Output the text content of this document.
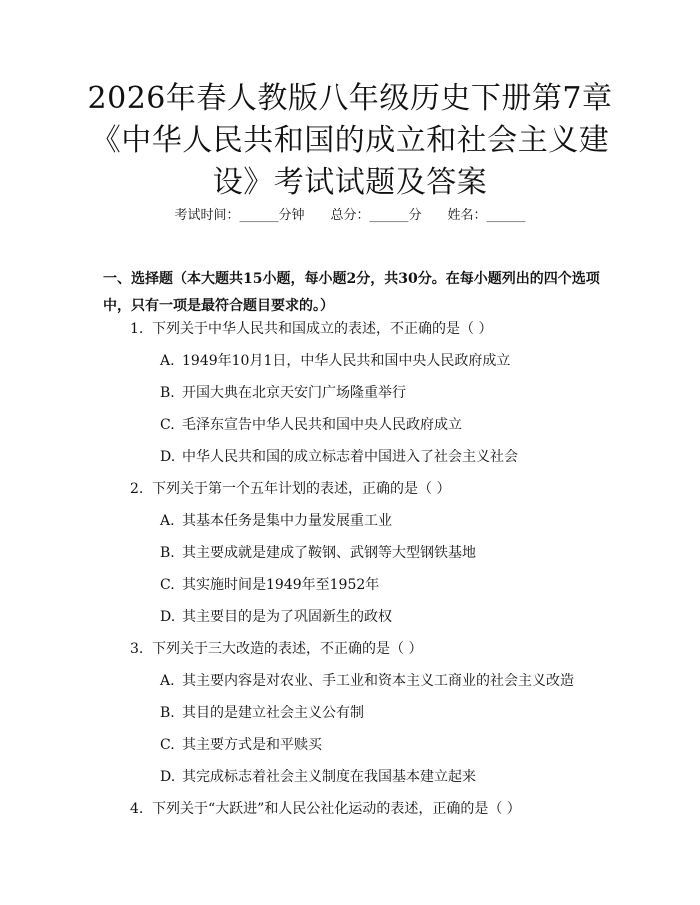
2026年春人教版八年级历史下册第7章《中华人民共和国的成立和社会主义建设》考试试题及答案
考试时间：______分钟 总分：______分 姓名：______
一、选择题（本大题共15小题，每小题2分，共30分。在每小题列出的四个选项中，只有一项是最符合题目要求的。）
1. 下列关于中华人民共和国成立的表述，不正确的是（ ）
A. 1949年10月1日，中华人民共和国中央人民政府成立
B. 开国大典在北京天安门广场隆重举行
C. 毛泽东宣告中华人民共和国中央人民政府成立
D. 中华人民共和国的成立标志着中国进入了社会主义社会
2. 下列关于第一个五年计划的表述，正确的是（ ）
A. 其基本任务是集中力量发展重工业
B. 其主要成就是建成了鞍钢、武钢等大型钢铁基地
C. 其实施时间是1949年至1952年
D. 其主要目的是为了巩固新生的政权
3. 下列关于三大改造的表述，不正确的是（ ）
A. 其主要内容是对农业、手工业和资本主义工商业的社会主义改造
B. 其目的是建立社会主义公有制
C. 其主要方式是和平赎买
D. 其完成标志着社会主义制度在我国基本建立起来
4. 下列关于“大跃进”和人民公社化运动的表述，正确的是（ ）
